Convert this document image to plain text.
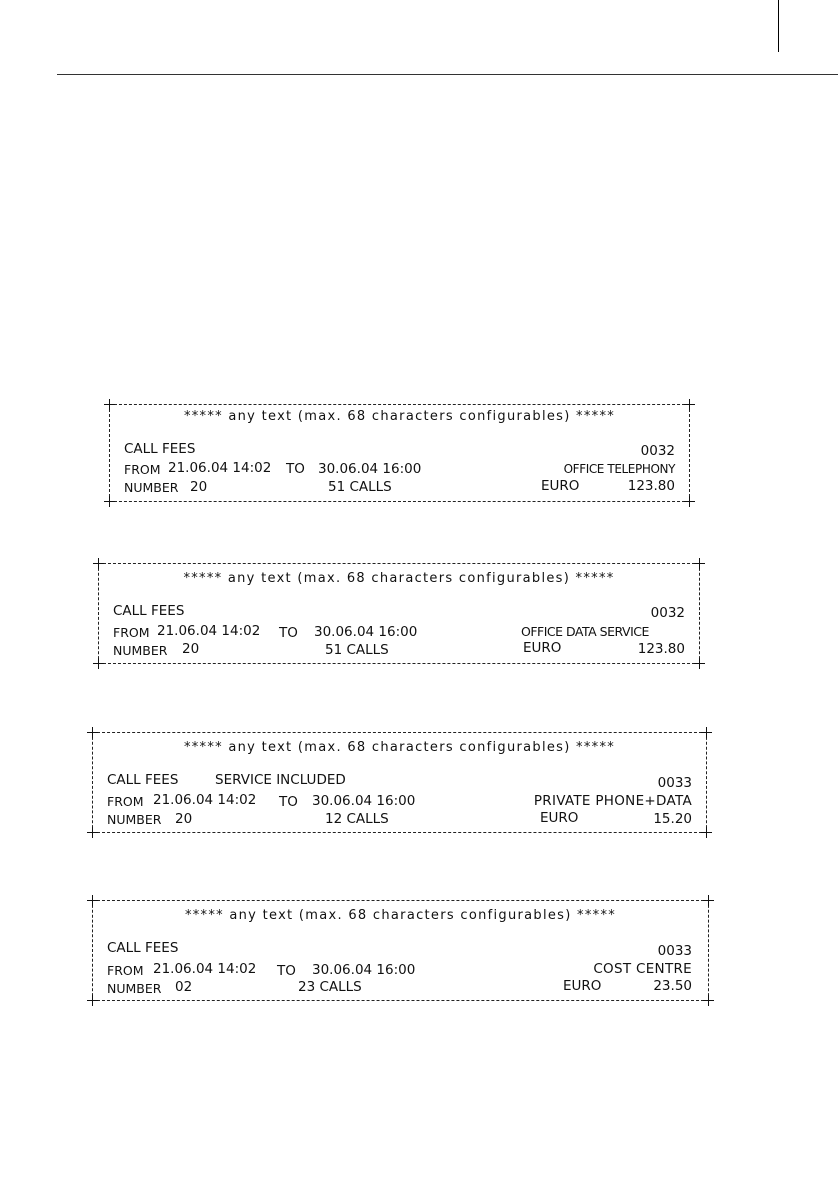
***** any text (max. 68 characters configurables) *****
CALL FEES	0032
FROM 21.06.04 14:02 TO 30.06.04 16:00	OFFICE TELEPHONY
NUMBER 20	51 CALLS	EURO	123.80
***** any text (max. 68 characters configurables) *****
CALL FEES	0032
FROM 21.06.04 14:02 TO 30.06.04 16:00	OFFICE DATA SERVICE
NUMBER 20	51 CALLS	EURO	123.80
***** any text (max. 68 characters configurables) *****
CALL FEES	SERVICE INCLUDED	0033
FROM 21.06.04 14:02 TO 30.06.04 16:00	PRIVATE PHONE+DATA
NUMBER 20	12 CALLS	EURO	15.20
***** any text (max. 68 characters configurables) *****
CALL FEES	0033
FROM 21.06.04 14:02 TO 30.06.04 16:00	COST CENTRE
NUMBER 02	23 CALLS	EURO	23.50
